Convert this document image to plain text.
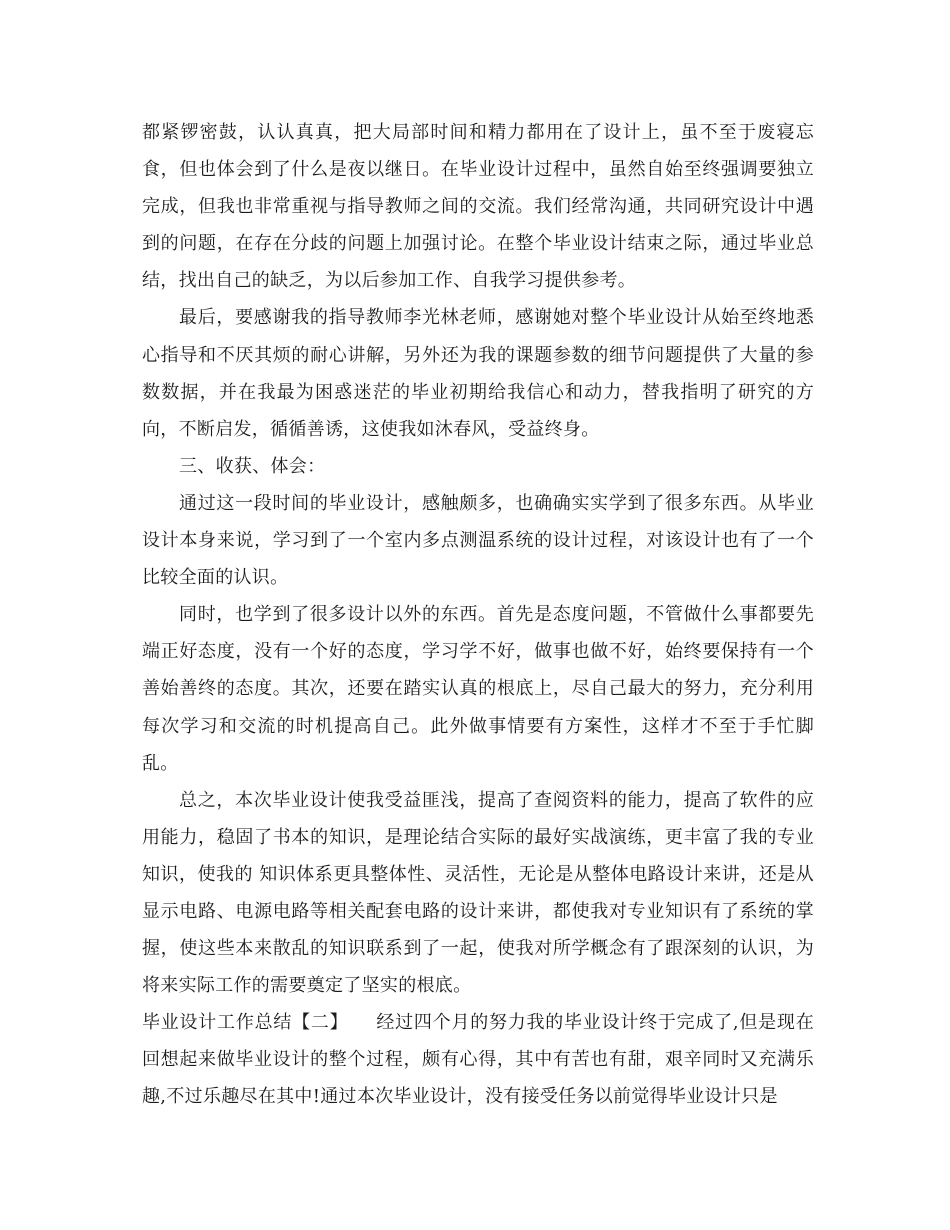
都紧锣密鼓，认认真真，把大局部时间和精力都用在了设计上，虽不至于废寝忘食，但也体会到了什么是夜以继日。在毕业设计过程中，虽然自始至终强调要独立完成，但我也非常重视与指导教师之间的交流。我们经常沟通，共同研究设计中遇到的问题，在存在分歧的问题上加强讨论。在整个毕业设计结束之际，通过毕业总结，找出自己的缺乏，为以后参加工作、自我学习提供参考。

最后，要感谢我的指导教师李光林老师，感谢她对整个毕业设计从始至终地悉心指导和不厌其烦的耐心讲解，另外还为我的课题参数的细节问题提供了大量的参数数据，并在我最为困惑迷茫的毕业初期给我信心和动力，替我指明了研究的方向，不断启发，循循善诱，这使我如沐春风，受益终身。

三、收获、体会：

通过这一段时间的毕业设计，感触颇多，也确确实实学到了很多东西。从毕业设计本身来说，学习到了一个室内多点测温系统的设计过程，对该设计也有了一个比较全面的认识。

同时，也学到了很多设计以外的东西。首先是态度问题，不管做什么事都要先端正好态度，没有一个好的态度，学习学不好，做事也做不好，始终要保持有一个善始善终的态度。其次，还要在踏实认真的根底上，尽自己最大的努力，充分利用每次学习和交流的时机提高自己。此外做事情要有方案性，这样才不至于手忙脚乱。

总之，本次毕业设计使我受益匪浅，提高了查阅资料的能力，提高了软件的应用能力，稳固了书本的知识，是理论结合实际的最好实战演练，更丰富了我的专业知识，使我的 知识体系更具整体性、灵活性，无论是从整体电路设计来讲，还是从显示电路、电源电路等相关配套电路的设计来讲，都使我对专业知识有了系统的掌握，使这些本来散乱的知识联系到了一起，使我对所学概念有了跟深刻的认识，为将来实际工作的需要奠定了坚实的根底。

毕业设计工作总结【二】 经过四个月的努力我的毕业设计终于完成了,但是现在回想起来做毕业设计的整个过程，颇有心得，其中有苦也有甜，艰辛同时又充满乐趣,不过乐趣尽在其中!通过本次毕业设计，没有接受任务以前觉得毕业设计只是
